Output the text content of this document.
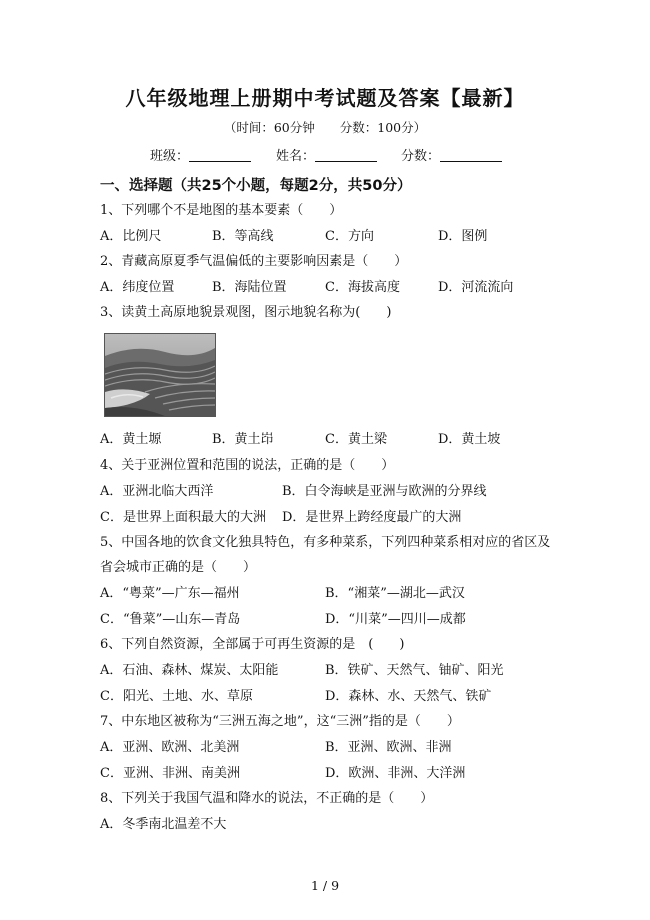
八年级地理上册期中考试题及答案【最新】
（时间：60分钟　　分数：100分）
班级：	姓名：	分数：
一、选择题（共25个小题，每题2分，共50分）
1、下列哪个不是地图的基本要素（　　）
A．比例尺	B．等高线	C．方向	D．图例
2、青藏高原夏季气温偏低的主要影响因素是（　　）
A．纬度位置	B．海陆位置	C．海拔高度	D．河流流向
3、读黄土高原地貌景观图，图示地貌名称为(　　)
A．黄土塬	B．黄土岇	C．黄土梁	D．黄土坡
4、关于亚洲位置和范围的说法，正确的是（　　）
A．亚洲北临大西洋	B．白令海峡是亚洲与欧洲的分界线
C．是世界上面积最大的大洲 D．是世界上跨经度最广的大洲
5、中国各地的饮食文化独具特色，有多种菜系，下列四种菜系相对应的省区及
省会城市正确的是（　　）
A．“粤菜”—广东—福州	B．“湘菜”—湖北—武汉
C．“鲁菜”—山东—青岛	D．“川菜”—四川—成都
6、下列自然资源，全部属于可再生资源的是　(　　)
A．石油、森林、煤炭、太阳能	B．铁矿、天然气、铀矿、阳光
C．阳光、土地、水、草原	D．森林、水、天然气、铁矿
7、中东地区被称为“三洲五海之地”，这“三洲”指的是（　　）
A．亚洲、欧洲、北美洲	B．亚洲、欧洲、非洲
C．亚洲、非洲、南美洲	D．欧洲、非洲、大洋洲
8、下列关于我国气温和降水的说法，不正确的是（　　）
A．冬季南北温差不大
1 / 9
